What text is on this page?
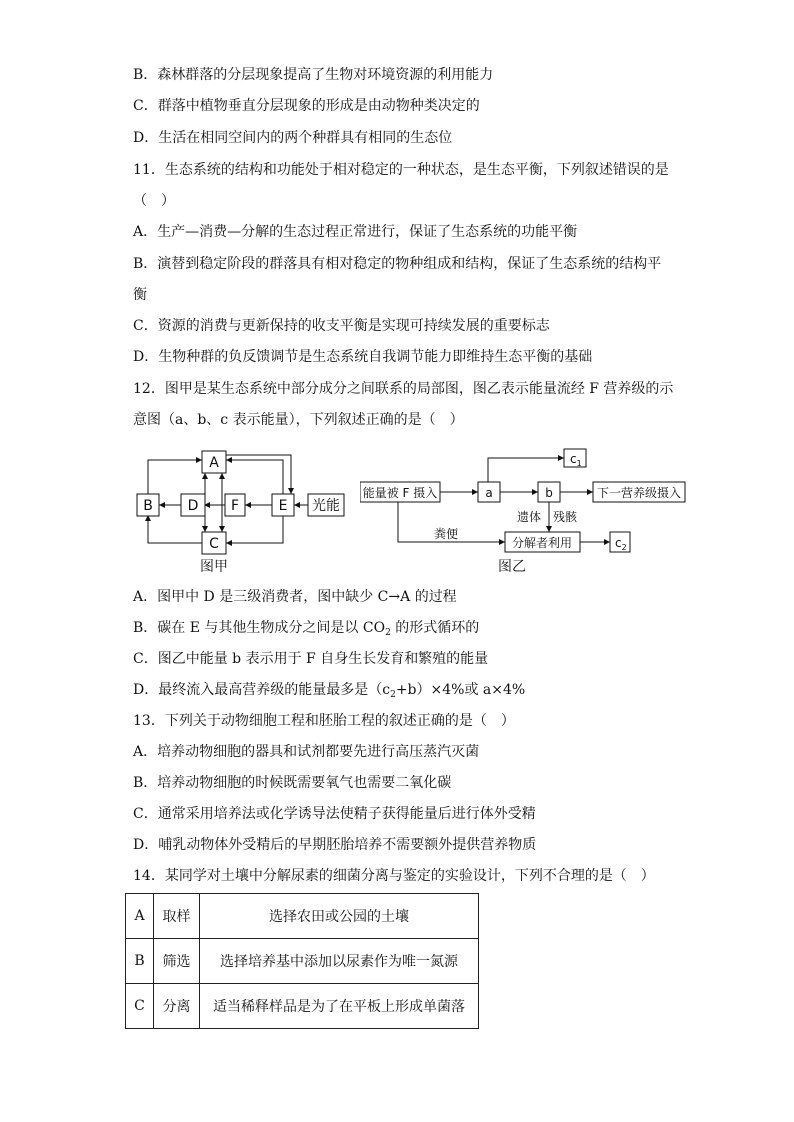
B．森林群落的分层现象提高了生物对环境资源的利用能力
C．群落中植物垂直分层现象的形成是由动物种类决定的
D．生活在相同空间内的两个种群具有相同的生态位
11．生态系统的结构和功能处于相对稳定的一种状态，是生态平衡，下列叙述错误的是
（　）
A．生产—消费—分解的生态过程正常进行，保证了生态系统的功能平衡
B．演替到稳定阶段的群落具有相对稳定的物种组成和结构，保证了生态系统的结构平
衡
C．资源的消费与更新保持的收支平衡是实现可持续发展的重要标志
D．生物种群的负反馈调节是生态系统自我调节能力即维持生态平衡的基础
12．图甲是某生态系统中部分成分之间联系的局部图，图乙表示能量流经 F 营养级的示
意图（a、b、c 表示能量），下列叙述正确的是（　）
A
B D F	E
C
光能
图甲
能量被 F 摄入	a	b
$c_1$
下一营养级摄入
分解者利用	$c_2$
遗体 残骸
粪便
图乙
A．图甲中 D 是三级消费者，图中缺少 C→A 的过程
B．碳在 E 与其他生物成分之间是以 $CO_2$ 的形式循环的
C．图乙中能量 b 表示用于 F 自身生长发育和繁殖的能量
D．最终流入最高营养级的能量最多是$(c_2+b)\times 4\%$或 a×4%
13．下列关于动物细胞工程和胚胎工程的叙述正确的是（　）
A．培养动物细胞的器具和试剂都要先进行高压蒸汽灭菌
B．培养动物细胞的时候既需要氧气也需要二氧化碳
C．通常采用培养法或化学诱导法使精子获得能量后进行体外受精
D．哺乳动物体外受精后的早期胚胎培养不需要额外提供营养物质
14．某同学对土壤中分解尿素的细菌分离与鉴定的实验设计，下列不合理的是（　）
A	取样	选择农田或公园的土壤
B	筛选	选择培养基中添加以尿素作为唯一氮源
C	分离	适当稀释样品是为了在平板上形成单菌落
